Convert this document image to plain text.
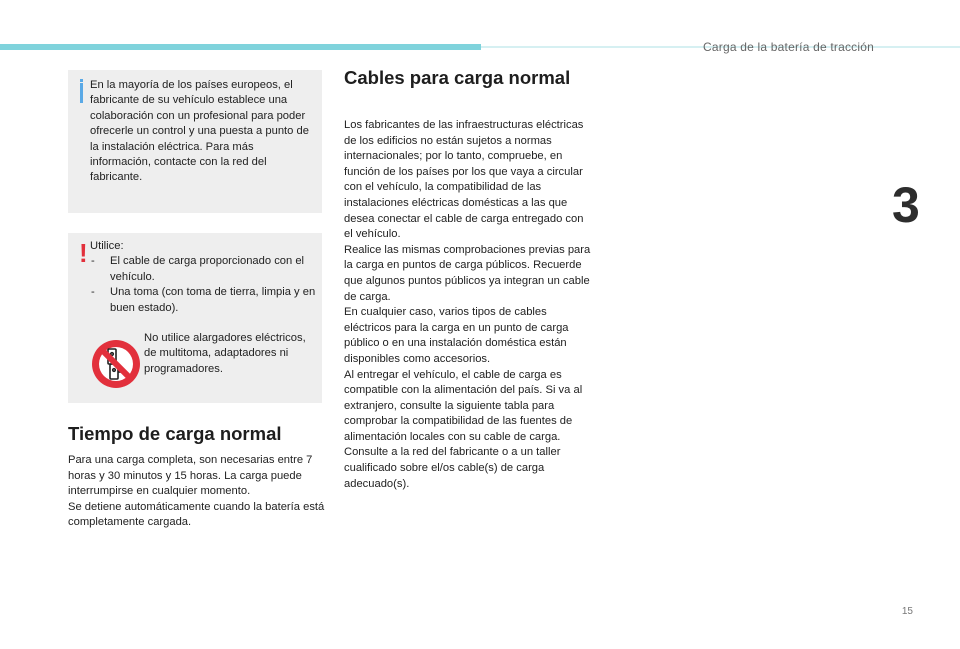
Carga de la batería de tracción
3
En la mayoría de los países europeos, el fabricante de su vehículo establece una colaboración con un profesional para poder ofrecerle un control y una puesta a punto de la instalación eléctrica. Para más información, contacte con la red del fabricante.
! Utilice:
- El cable de carga proporcionado con el vehículo.
- Una toma (con toma de tierra, limpia y en buen estado).
No utilice alargadores eléctricos, de multitoma, adaptadores ni programadores.
Tiempo de carga normal

Para una carga completa, son necesarias entre 7 horas y 30 minutos y 15 horas. La carga puede interrumpirse en cualquier momento.

Se detiene automáticamente cuando la batería está completamente cargada.

Cables para carga normal

Los fabricantes de las infraestructuras eléctricas de los edificios no están sujetos a normas internacionales; por lo tanto, compruebe, en función de los países por los que vaya a circular con el vehículo, la compatibilidad de las instalaciones eléctricas domésticas a las que desea conectar el cable de carga entregado con el vehículo.

Realice las mismas comprobaciones previas para la carga en puntos de carga públicos. Recuerde que algunos puntos públicos ya integran un cable de carga.

En cualquier caso, varios tipos de cables eléctricos para la carga en un punto de carga público o en una instalación doméstica están disponibles como accesorios.

Al entregar el vehículo, el cable de carga es compatible con la alimentación del país. Si va al extranjero, consulte la siguiente tabla para comprobar la compatibilidad de las fuentes de alimentación locales con su cable de carga.

Consulte a la red del fabricante o a un taller cualificado sobre el/os cable(s) de carga adecuado(s).

15
